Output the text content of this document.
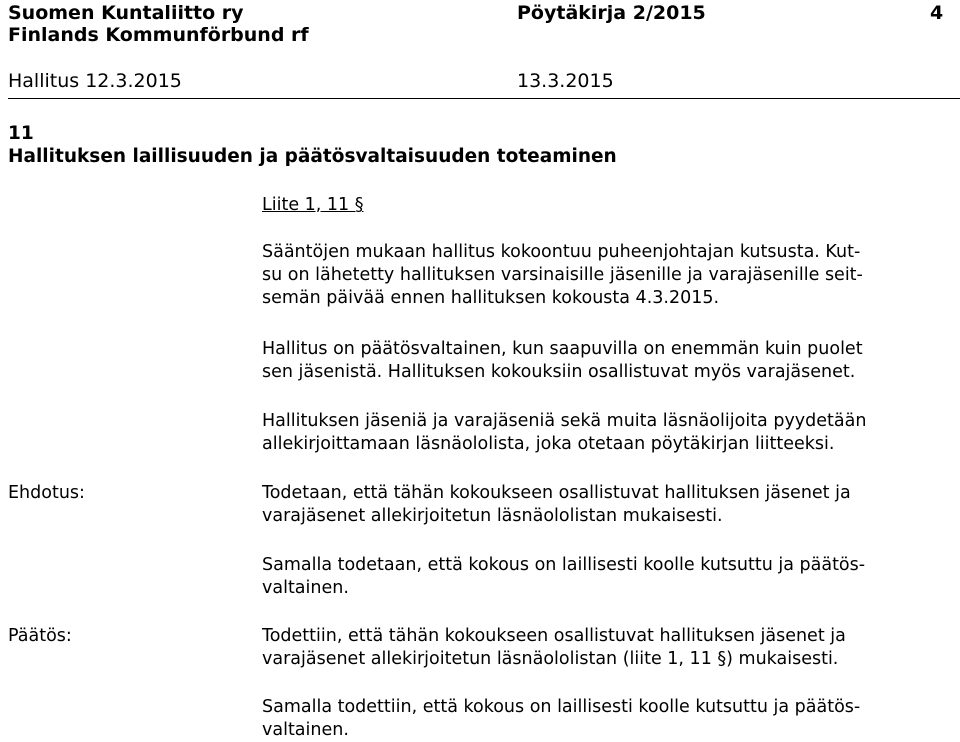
Suomen Kuntaliitto ry
Finlands Kommunförbund rf
Pöytäkirja 2/2015	4
Hallitus 12.3.2015	13.3.2015
11
Hallituksen laillisuuden ja päätösvaltaisuuden toteaminen
Liite 1, 11 §
Sääntöjen mukaan hallitus kokoontuu puheenjohtajan kutsusta. Kut-
su on lähetetty hallituksen varsinaisille jäsenille ja varajäsenille seit-
semän päivää ennen hallituksen kokousta 4.3.2015.
Hallitus on päätösvaltainen, kun saapuvilla on enemmän kuin puolet
sen jäsenistä. Hallituksen kokouksiin osallistuvat myös varajäsenet.
Hallituksen jäseniä ja varajäseniä sekä muita läsnäolijoita pyydetään
allekirjoittamaan läsnäololista, joka otetaan pöytäkirjan liitteeksi.
Ehdotus:	Todetaan, että tähän kokoukseen osallistuvat hallituksen jäsenet ja
varajäsenet allekirjoitetun läsnäololistan mukaisesti.
Samalla todetaan, että kokous on laillisesti koolle kutsuttu ja päätös-
valtainen.
Päätös:	Todettiin, että tähän kokoukseen osallistuvat hallituksen jäsenet ja
varajäsenet allekirjoitetun läsnäololistan (liite 1, 11 §) mukaisesti.
Samalla todettiin, että kokous on laillisesti koolle kutsuttu ja päätös-
valtainen.
